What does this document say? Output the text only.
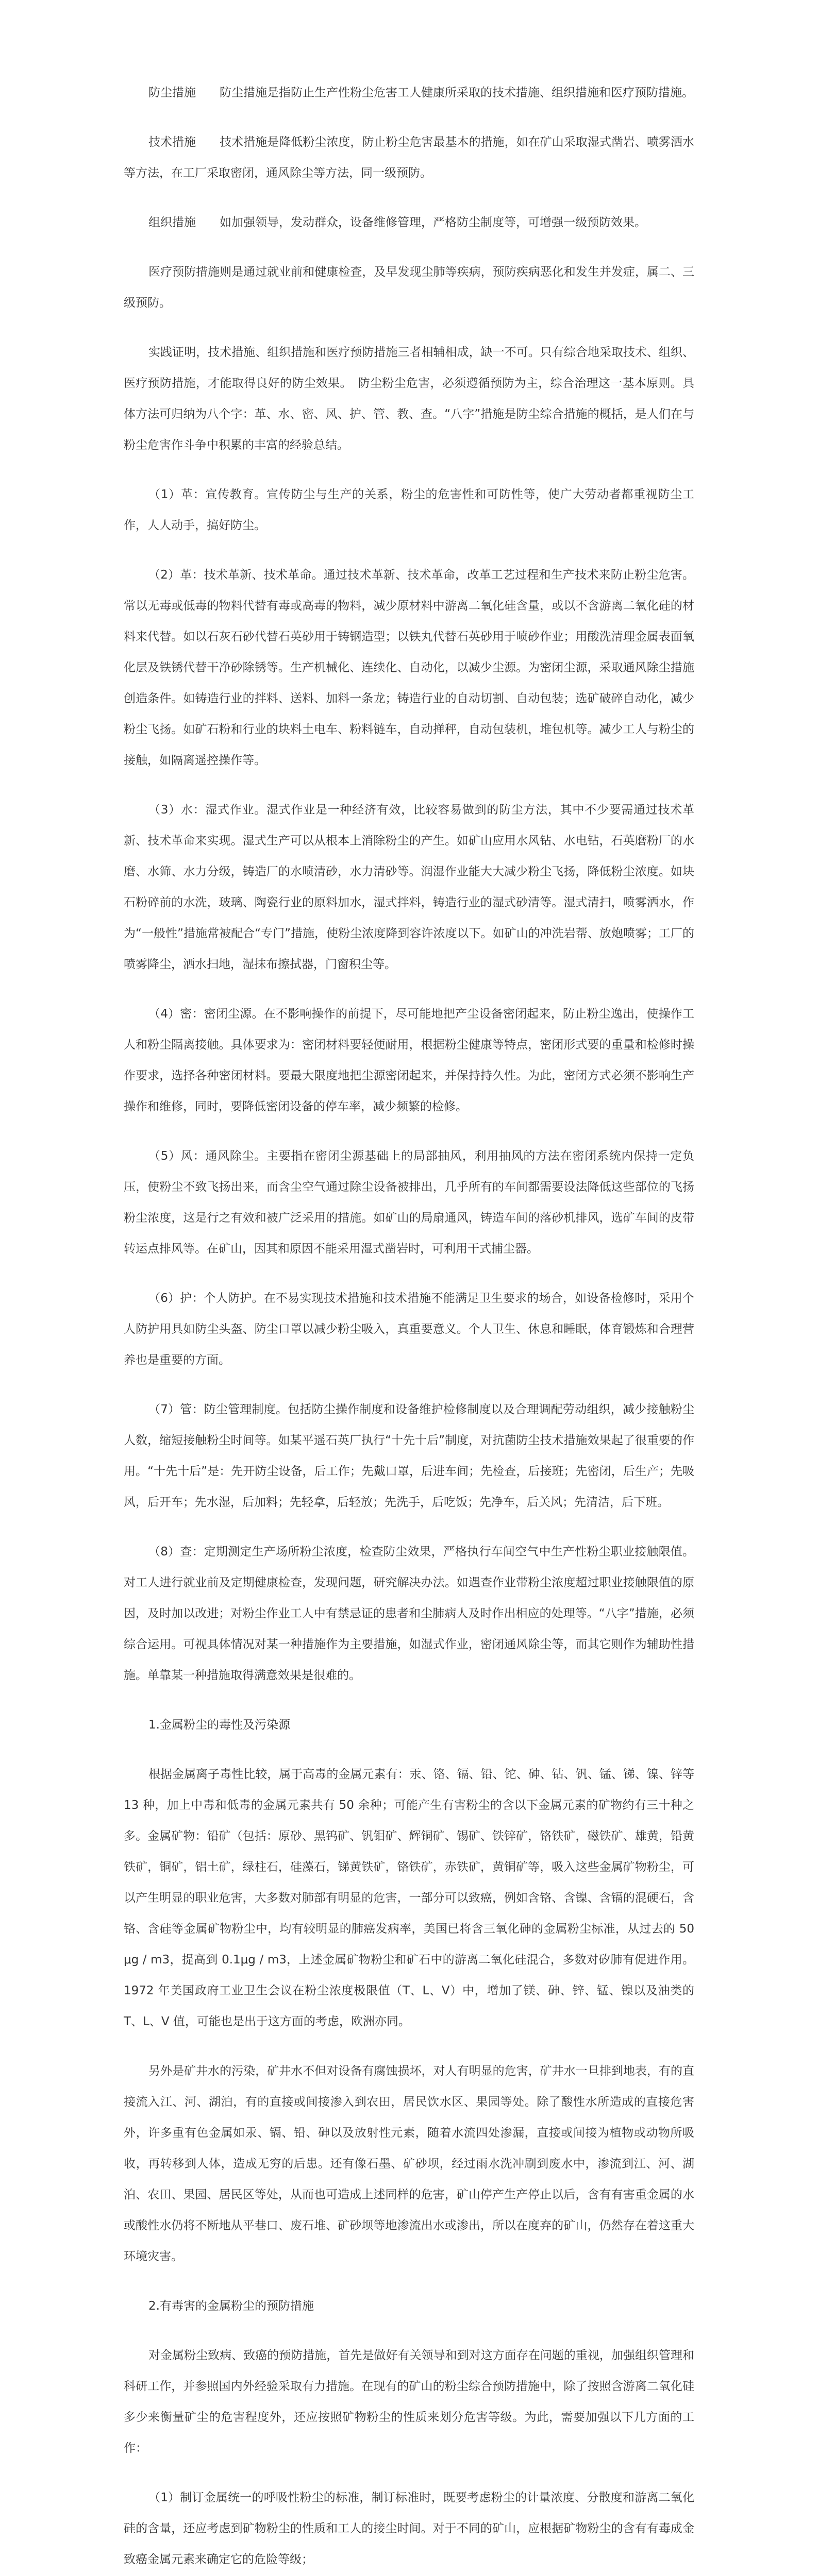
防尘措施　　防尘措施是指防止生产性粉尘危害工人健康所采取的技术措施、组织措施和医疗预防措施。

技术措施　　技术措施是降低粉尘浓度，防止粉尘危害最基本的措施，如在矿山采取湿式凿岩、喷雾洒水等方法，在工厂采取密闭，通风除尘等方法，同一级预防。

组织措施　　如加强领导，发动群众，设备维修管理，严格防尘制度等，可增强一级预防效果。

医疗预防措施则是通过就业前和健康检查，及早发现尘肺等疾病，预防疾病恶化和发生并发症，属二、三级预防。

实践证明，技术措施、组织措施和医疗预防措施三者相辅相成，缺一不可。只有综合地采取技术、组织、医疗预防措施，才能取得良好的防尘效果。　防尘粉尘危害，必须遵循预防为主，综合治理这一基本原则。具体方法可归纳为八个字：革、水、密、风、护、管、教、查。“八字”措施是防尘综合措施的概括，是人们在与粉尘危害作斗争中积累的丰富的经验总结。

（1）革：宣传教育。宣传防尘与生产的关系，粉尘的危害性和可防性等，使广大劳动者都重视防尘工作，人人动手，搞好防尘。

（2）革：技术革新、技术革命。通过技术革新、技术革命，改革工艺过程和生产技术来防止粉尘危害。常以无毒或低毒的物料代替有毒或高毒的物料，减少原材料中游离二氧化硅含量，或以不含游离二氧化硅的材料来代替。如以石灰石砂代替石英砂用于铸钢造型；以铁丸代替石英砂用于喷砂作业；用酸洗清理金属表面氧化层及铁锈代替干净砂除锈等。生产机械化、连续化、自动化，以减少尘源。为密闭尘源，采取通风除尘措施创造条件。如铸造行业的拌料、送料、加料一条龙；铸造行业的自动切割、自动包装；选矿破碎自动化，减少粉尘飞扬。如矿石粉和行业的块料土电车、粉料链车，自动掸秤，自动包装机，堆包机等。减少工人与粉尘的接触，如隔离遥控操作等。

（3）水：湿式作业。湿式作业是一种经济有效，比较容易做到的防尘方法，其中不少要需通过技术革新、技术革命来实现。湿式生产可以从根本上消除粉尘的产生。如矿山应用水风钻、水电钻，石英磨粉厂的水磨、水筛、水力分级，铸造厂的水喷清砂，水力清砂等。润湿作业能大大减少粉尘飞扬，降低粉尘浓度。如块石粉碎前的水洗，玻璃、陶瓷行业的原料加水，湿式拌料，铸造行业的湿式砂清等。湿式清扫，喷雾洒水，作为“一般性”措施常被配合“专门”措施，使粉尘浓度降到容许浓度以下。如矿山的冲洗岩帮、放炮喷雾；工厂的喷雾降尘，洒水扫地，湿抹布擦拭器，门窗积尘等。

（4）密：密闭尘源。在不影响操作的前提下，尽可能地把产尘设备密闭起来，防止粉尘逸出，使操作工人和粉尘隔离接触。具体要求为：密闭材料要轻便耐用，根据粉尘健康等特点，密闭形式要的重量和检修时操作要求，选择各种密闭材料。要最大限度地把尘源密闭起来，并保持持久性。为此，密闭方式必须不影响生产操作和维修，同时，要降低密闭设备的停车率，减少频繁的检修。

（5）风：通风除尘。主要指在密闭尘源基础上的局部抽风，利用抽风的方法在密闭系统内保持一定负压，使粉尘不致飞扬出来，而含尘空气通过除尘设备被排出，几乎所有的车间都需要设法降低这些部位的飞扬粉尘浓度，这是行之有效和被广泛采用的措施。如矿山的局扇通风，铸造车间的落砂机排风，选矿车间的皮带转运点排风等。在矿山，因其和原因不能采用湿式凿岩时，可利用干式捕尘器。

（6）护：个人防护。在不易实现技术措施和技术措施不能满足卫生要求的场合，如设备检修时，采用个人防护用具如防尘头盔、防尘口罩以减少粉尘吸入，真重要意义。个人卫生、休息和睡眠，体育锻炼和合理营养也是重要的方面。

（7）管：防尘管理制度。包括防尘操作制度和设备维护检修制度以及合理调配劳动组织，减少接触粉尘人数，缩短接触粉尘时间等。如某平遥石英厂执行“十先十后”制度，对抗菌防尘技术措施效果起了很重要的作用。“十先十后”是：先开防尘设备，后工作；先戴口罩，后进车间；先检查，后接班；先密闭，后生产；先吸风，后开车；先水湿，后加料；先轻拿，后轻放；先洗手，后吃饭；先净车，后关风；先清洁，后下班。

（8）查：定期测定生产场所粉尘浓度，检查防尘效果，严格执行车间空气中生产性粉尘职业接触限值。对工人进行就业前及定期健康检查，发现问题，研究解决办法。如遇查作业带粉尘浓度超过职业接触限值的原因，及时加以改进；对粉尘作业工人中有禁忌证的患者和尘肺病人及时作出相应的处理等。“八字”措施，必须综合运用。可视具体情况对某一种措施作为主要措施，如湿式作业，密闭通风除尘等，而其它则作为辅助性措施。单靠某一种措施取得满意效果是很难的。

1.金属粉尘的毒性及污染源

根据金属离子毒性比较，属于高毒的金属元素有：汞、铬、镉、铅、铊、砷、钴、钒、锰、锑、镍、锌等 13 种，加上中毒和低毒的金属元素共有 50 余种；可能产生有害粉尘的含以下金属元素的矿物约有三十种之多。金属矿物：铅矿（包括：原砂、黑钨矿、钒钼矿、辉铜矿、锡矿、铁锌矿，铬铁矿，磁铁矿、雄黄，铅黄铁矿，铜矿，铝土矿，绿柱石，硅藻石，锑黄铁矿，铬铁矿，赤铁矿，黄铜矿等，吸入这些金属矿物粉尘，可以产生明显的职业危害，大多数对肺部有明显的危害，一部分可以致癌，例如含铬、含镍、含镉的混硬石，含铬、含硅等金属矿物粉尘中，均有较明显的肺癌发病率，美国已将含三氧化砷的金属粉尘标准，从过去的 50μg / m3，提高到 0.1μg / m3，上述金属矿物粉尘和矿石中的游离二氧化硅混合，多数对矽肺有促进作用。1972 年美国政府工业卫生会议在粉尘浓度极限值（T、L、V）中，增加了镁、砷、锌、锰、镍以及油类的 T、L、V 值，可能也是出于这方面的考虑，欧洲亦同。

另外是矿井水的污染，矿井水不但对设备有腐蚀损坏，对人有明显的危害，矿井水一旦排到地表，有的直接流入江、河、湖泊，有的直接或间接渗入到农田，居民饮水区、果园等处。除了酸性水所造成的直接危害外，许多重有色金属如汞、镉、铅、砷以及放射性元素，随着水流四处渗漏，直接或间接为植物或动物所吸收，再转移到人体，造成无穷的后患。还有像石墨、矿砂坝，经过雨水洗冲刷到废水中，渗流到江、河、湖泊、农田、果园、居民区等处，从而也可造成上述同样的危害，矿山停产生产停止以后，含有有害重金属的水或酸性水仍将不断地从平巷口、废石堆、矿砂坝等地渗流出水或渗出，所以在度弃的矿山，仍然存在着这重大环境灾害。

2.有毒害的金属粉尘的预防措施

对金属粉尘致病、致癌的预防措施，首先是做好有关领导和到对这方面存在问题的重视，加强组织管理和科研工作，并参照国内外经验采取有力措施。在现有的矿山的粉尘综合预防措施中，除了按照含游离二氧化硅多少来衡量矿尘的危害程度外，还应按照矿物粉尘的性质来划分危害等级。为此，需要加强以下几方面的工作：

（1）制订金属统一的呼吸性粉尘的标准，制订标准时，既要考虑粉尘的计量浓度、分散度和游离二氧化硅的含量，还应考虑到矿物粉尘的性质和工人的接尘时间。对于不同的矿山，应根据矿物粉尘的含有有毒成金致癌金属元素来确定它的危险等级；
